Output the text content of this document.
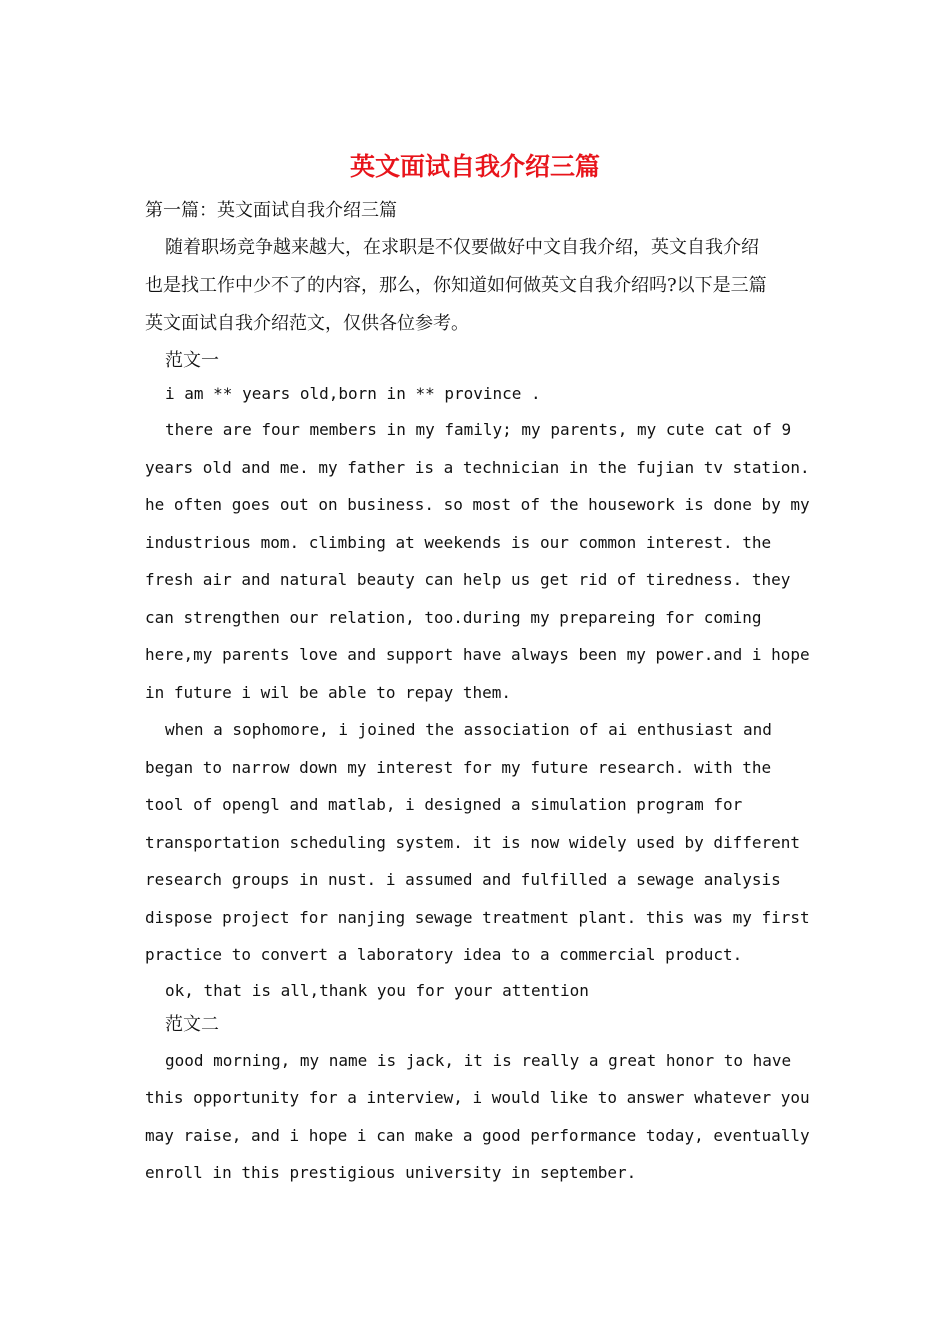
英文面试自我介绍三篇

第一篇：英文面试自我介绍三篇

随着职场竞争越来越大，在求职是不仅要做好中文自我介绍，英文自我介绍
也是找工作中少不了的内容，那么，你知道如何做英文自我介绍吗?以下是三篇
英文面试自我介绍范文，仅供各位参考。

范文一

i am ** years old,born in ** province .

there are four members in my family; my parents, my cute cat of 9
years old and me. my father is a technician in the fujian tv station.
he often goes out on business. so most of the housework is done by my
industrious mom. climbing at weekends is our common interest. the
fresh air and natural beauty can help us get rid of tiredness. they
can strengthen our relation, too.during my prepareing for coming
here,my parents love and support have always been my power.and i hope
in future i wil be able to repay them.
when a sophomore, i joined the association of ai enthusiast and
began to narrow down my interest for my future research. with the
tool of opengl and matlab, i designed a simulation program for
transportation scheduling system. it is now widely used by different
research groups in nust. i assumed and fulfilled a sewage analysis
dispose project for nanjing sewage treatment plant. this was my first
practice to convert a laboratory idea to a commercial product.

ok, that is all,thank you for your attention

范文二

good morning, my name is jack, it is really a great honor to have
this opportunity for a interview, i would like to answer whatever you
may raise, and i hope i can make a good performance today, eventually
enroll in this prestigious university in september.
